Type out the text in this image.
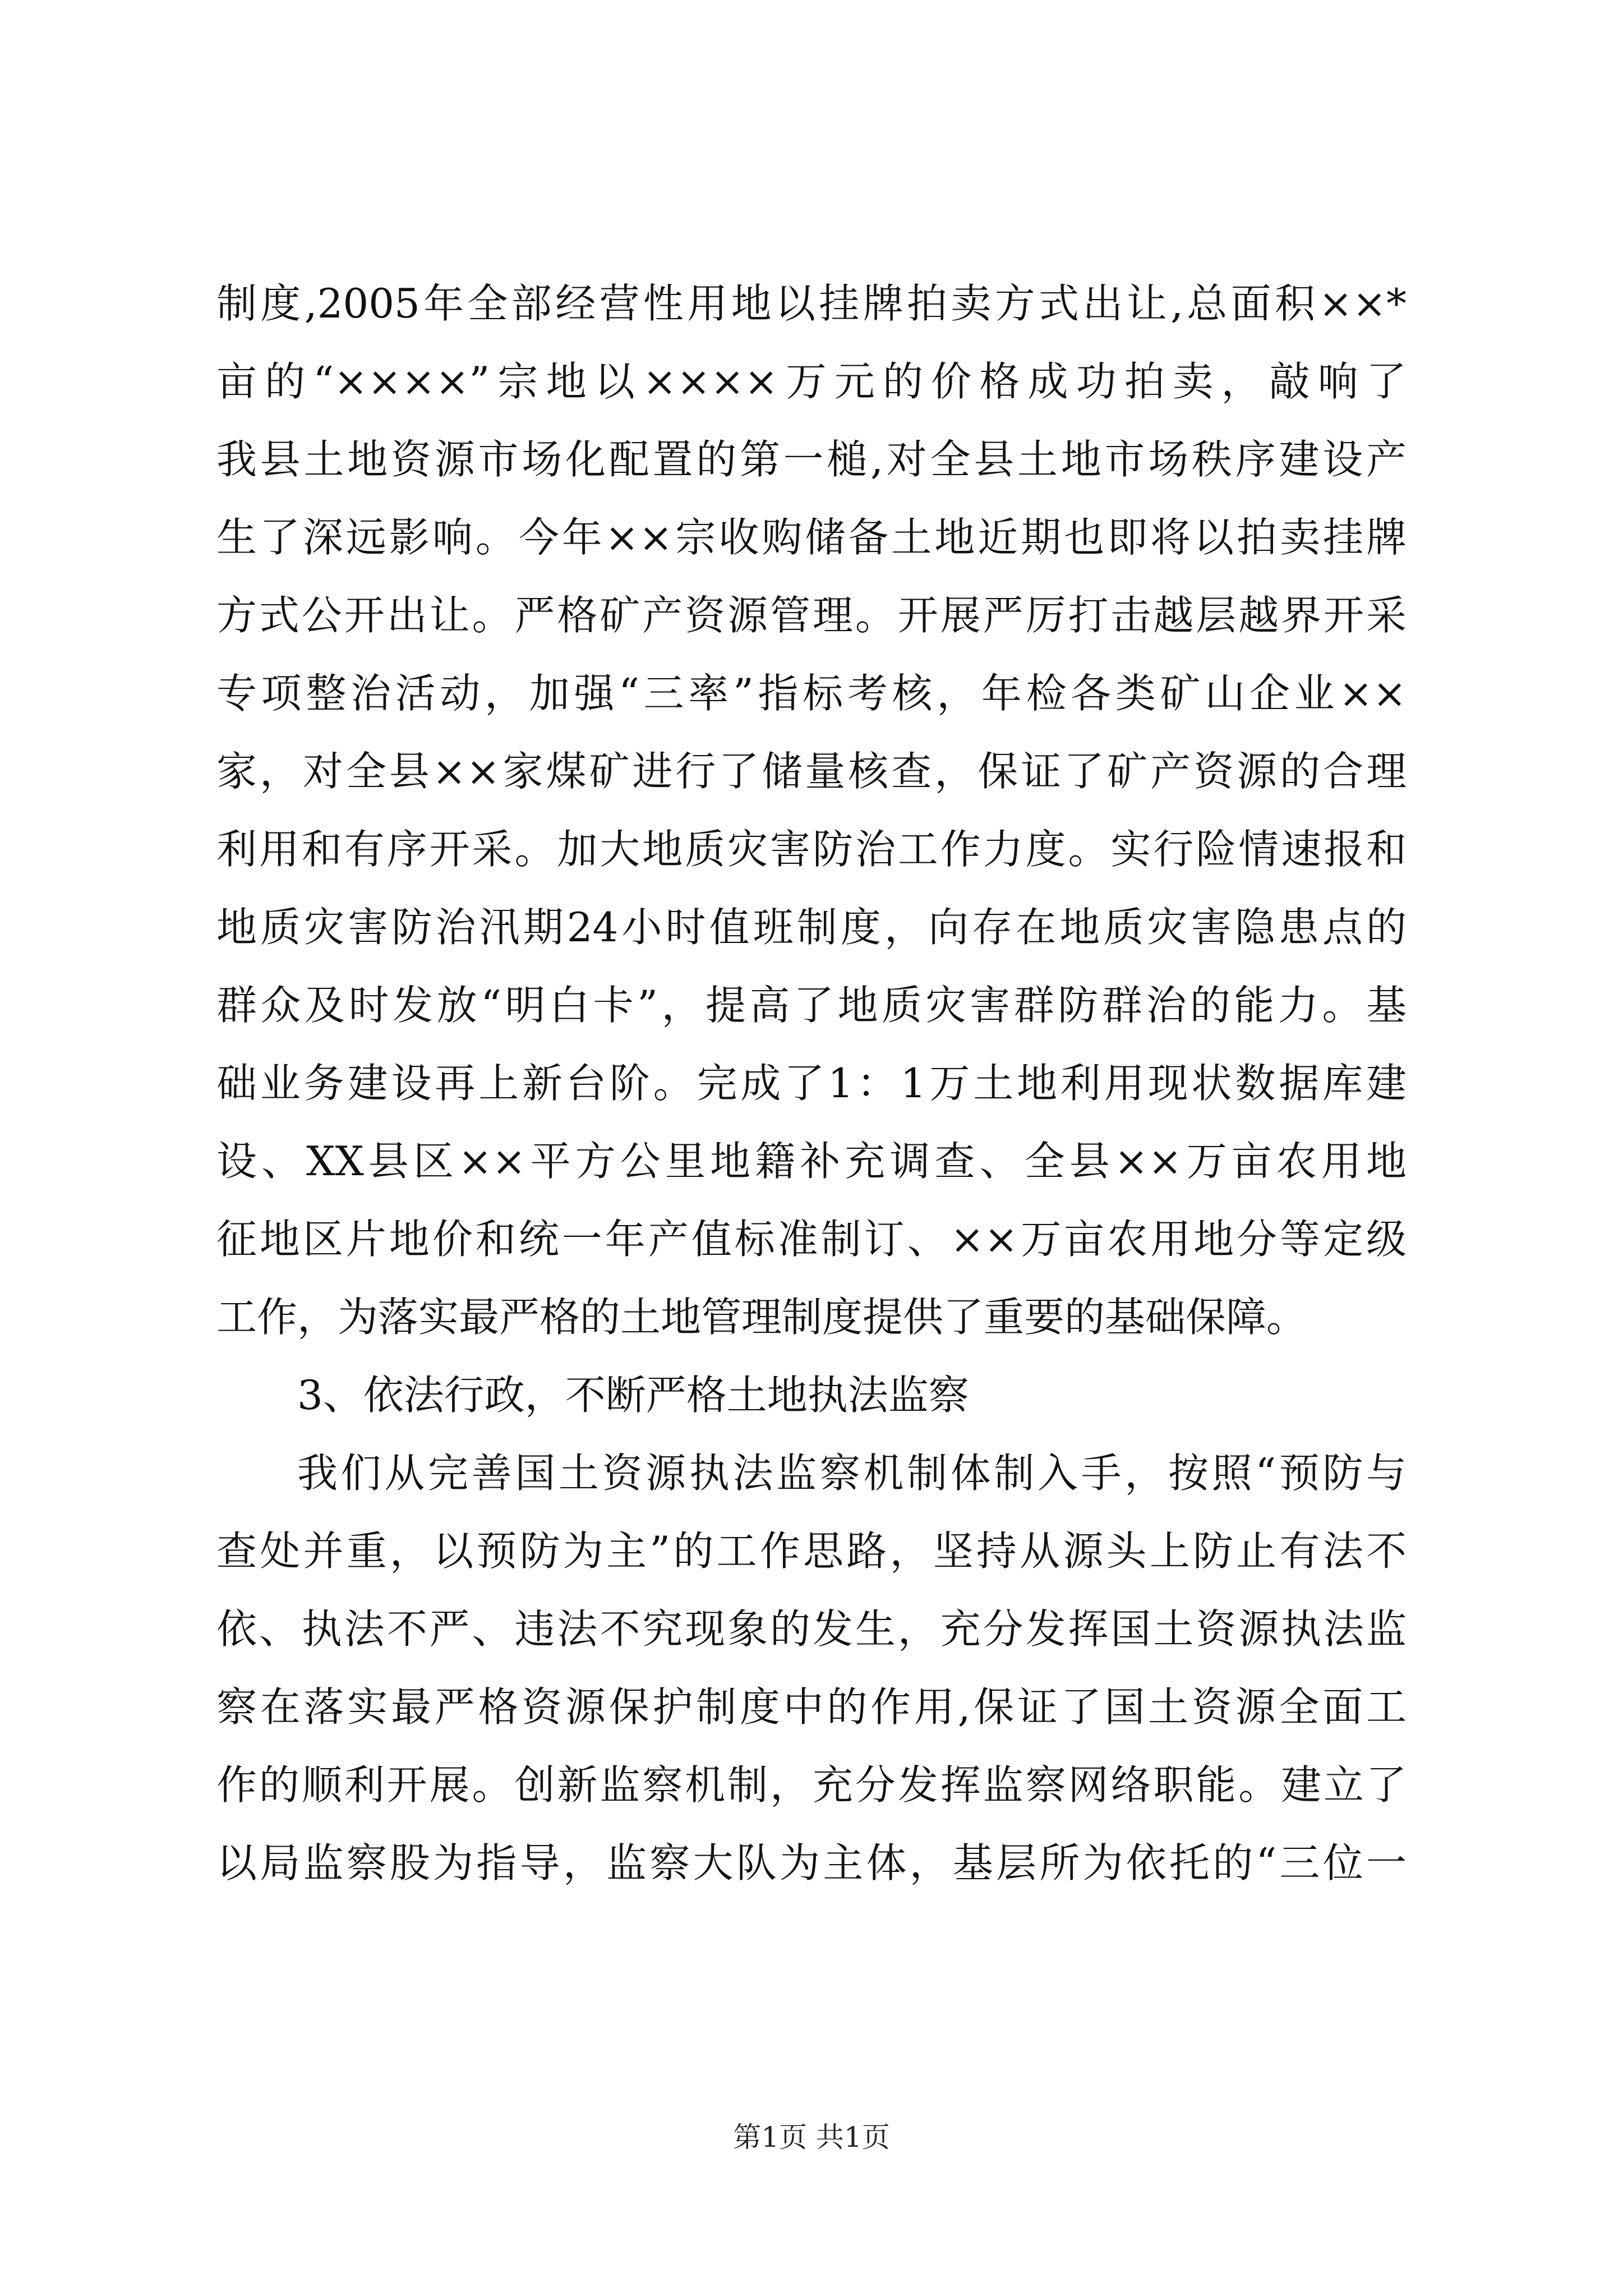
制度,2005年全部经营性用地以挂牌拍卖方式出让,总面积××*
亩的“××××”宗地以××××万元的价格成功拍卖，敲响了
我县土地资源市场化配置的第一槌,对全县土地市场秩序建设产
生了深远影响。今年××宗收购储备土地近期也即将以拍卖挂牌
方式公开出让。严格矿产资源管理。开展严厉打击越层越界开采
专项整治活动，加强“三率”指标考核，年检各类矿山企业××
家，对全县××家煤矿进行了储量核查，保证了矿产资源的合理
利用和有序开采。加大地质灾害防治工作力度。实行险情速报和
地质灾害防治汛期24小时值班制度，向存在地质灾害隐患点的
群众及时发放“明白卡”，提高了地质灾害群防群治的能力。基
础业务建设再上新台阶。完成了1：1万土地利用现状数据库建
设、XX县区××平方公里地籍补充调查、全县××万亩农用地
征地区片地价和统一年产值标准制订、××万亩农用地分等定级
工作，为落实最严格的土地管理制度提供了重要的基础保障。
3、依法行政，不断严格土地执法监察
我们从完善国土资源执法监察机制体制入手，按照“预防与
查处并重，以预防为主”的工作思路，坚持从源头上防止有法不
依、执法不严、违法不究现象的发生，充分发挥国土资源执法监
察在落实最严格资源保护制度中的作用,保证了国土资源全面工
作的顺利开展。创新监察机制，充分发挥监察网络职能。建立了
以局监察股为指导，监察大队为主体，基层所为依托的“三位一
第1页 共1页
